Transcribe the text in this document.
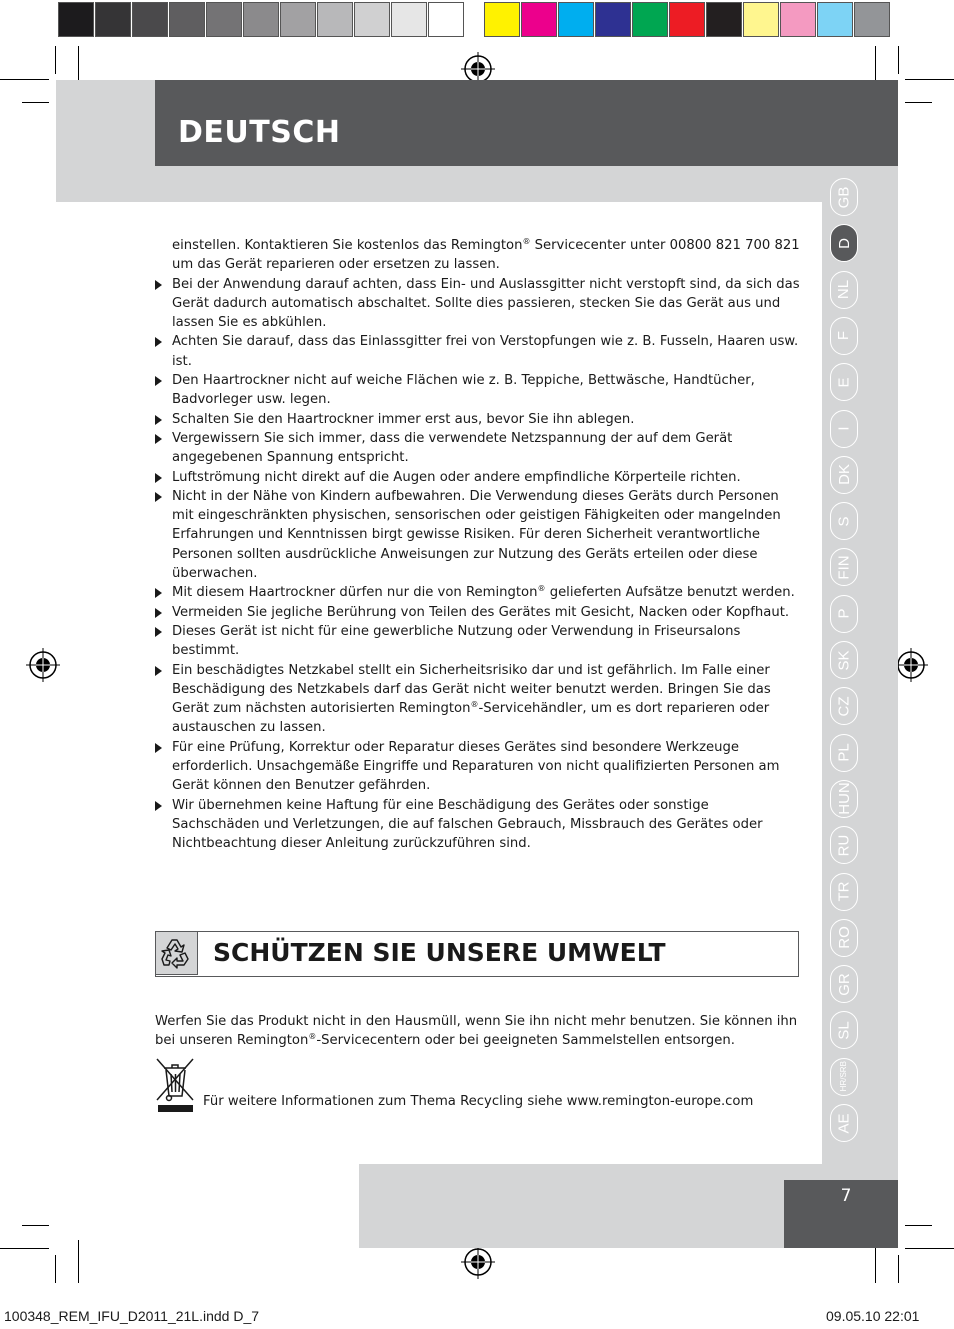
DEUTSCH
GB
D
NL
F
E
I
DK
S
FIN
P
SK
CZ
PL
HUN
RU
TR
RO
GR
SL
HR/SRB
AE
7

einstellen. Kontaktieren Sie kostenlos das Remington® Servicecenter unter 00800 821 700 821 um das Gerät reparieren oder ersetzen zu lassen.

Bei der Anwendung darauf achten, dass Ein- und Auslassgitter nicht verstopft sind, da sich das Gerät dadurch automatisch abschaltet. Sollte dies passieren, stecken Sie das Gerät aus und lassen Sie es abkühlen.
Achten Sie darauf, dass das Einlassgitter frei von Verstopfungen wie z. B. Fusseln, Haaren usw. ist.
Den Haartrockner nicht auf weiche Flächen wie z. B. Teppiche, Bettwäsche, Handtücher, Badvorleger usw. legen.
Schalten Sie den Haartrockner immer erst aus, bevor Sie ihn ablegen.
Vergewissern Sie sich immer, dass die verwendete Netzspannung der auf dem Gerät angegebenen Spannung entspricht.
Luftströmung nicht direkt auf die Augen oder andere empfindliche Körperteile richten.
Nicht in der Nähe von Kindern aufbewahren. Die Verwendung dieses Geräts durch Personen mit eingeschränkten physischen, sensorischen oder geistigen Fähigkeiten oder mangelnden Erfahrungen und Kenntnissen birgt gewisse Risiken. Für deren Sicherheit verantwortliche Personen sollten ausdrückliche Anweisungen zur Nutzung des Geräts erteilen oder diese überwachen.
Mit diesem Haartrockner dürfen nur die von Remington® gelieferten Aufsätze benutzt werden.
Vermeiden Sie jegliche Berührung von Teilen des Gerätes mit Gesicht, Nacken oder Kopfhaut.
Dieses Gerät ist nicht für eine gewerbliche Nutzung oder Verwendung in Friseursalons bestimmt.
Ein beschädigtes Netzkabel stellt ein Sicherheitsrisiko dar und ist gefährlich. Im Falle einer Beschädigung des Netzkabels darf das Gerät nicht weiter benutzt werden. Bringen Sie das Gerät zum nächsten autorisierten Remington®-Servicehändler, um es dort reparieren oder austauschen zu lassen.
Für eine Prüfung, Korrektur oder Reparatur dieses Gerätes sind besondere Werkzeuge erforderlich. Unsachgemäße Eingriffe und Reparaturen von nicht qualifizierten Personen am Gerät können den Benutzer gefährden.
Wir übernehmen keine Haftung für eine Beschädigung des Gerätes oder sonstige Sachschäden und Verletzungen, die auf falschen Gebrauch, Missbrauch des Gerätes oder Nichtbeachtung dieser Anleitung zurückzuführen sind.
SCHÜTZEN SIE UNSERE UMWELT
Werfen Sie das Produkt nicht in den Hausmüll, wenn Sie ihn nicht mehr benutzen. Sie können ihn bei unseren Remington®-Servicecentern oder bei geeigneten Sammelstellen entsorgen.
Für weitere Informationen zum Thema Recycling siehe www.remington-europe.com
100348_REM_IFU_D2011_21L.indd D_7	09.05.10 22:01
